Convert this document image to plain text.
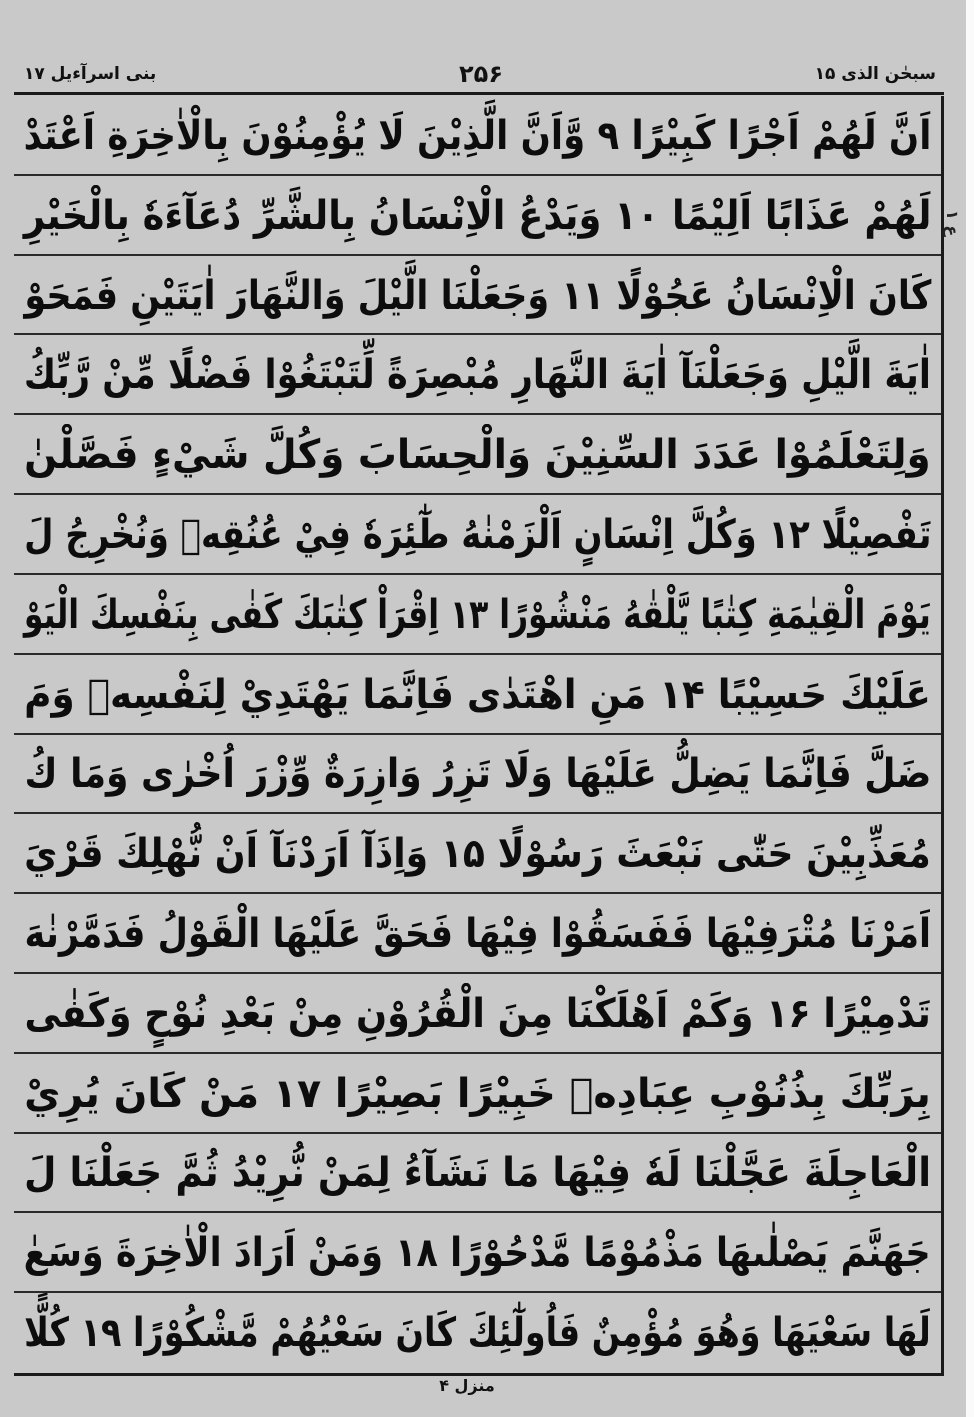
سبحٰن الذی ۱۵
۲۵۶
بنی اسرآءیل ۱۷
اَنَّ لَهُمْ اَجْرًا كَبِيْرًا ۹ وَّاَنَّ الَّذِيْنَ لَا يُؤْمِنُوْنَ بِالْاٰخِرَةِ اَعْتَدْ
لَهُمْ عَذَابًا اَلِيْمًا ۱۰ وَيَدْعُ الْاِنْسَانُ بِالشَّرِّ دُعَآءَهٗ بِالْخَيْرِ
كَانَ الْاِنْسَانُ عَجُوْلًا ۱۱ وَجَعَلْنَا الَّيْلَ وَالنَّهَارَ اٰيَتَيْنِ فَمَحَوْ
اٰيَةَ الَّيْلِ وَجَعَلْنَآ اٰيَةَ النَّهَارِ مُبْصِرَةً لِّتَبْتَغُوْا فَضْلًا مِّنْ رَّبِّكُ
وَلِتَعْلَمُوْا عَدَدَ السِّنِيْنَ وَالْحِسَابَ وَكُلَّ شَيْءٍ فَصَّلْنٰ
تَفْصِيْلًا ۱۲ وَكُلَّ اِنْسَانٍ اَلْزَمْنٰهُ طٰٓئِرَهٗ فِيْ عُنُقِهٖ وَنُخْرِجُ لَ
يَوْمَ الْقِيٰمَةِ كِتٰبًا يَّلْقٰهُ مَنْشُوْرًا ۱۳ اِقْرَاْ كِتٰبَكَ كَفٰى بِنَفْسِكَ الْيَوْ
عَلَيْكَ حَسِيْبًا ۱۴ مَنِ اهْتَدٰى فَاِنَّمَا يَهْتَدِيْ لِنَفْسِهٖ وَمَ
ضَلَّ فَاِنَّمَا يَضِلُّ عَلَيْهَا وَلَا تَزِرُ وَازِرَةٌ وِّزْرَ اُخْرٰى وَمَا كُ
مُعَذِّبِيْنَ حَتّٰى نَبْعَثَ رَسُوْلًا ۱۵ وَاِذَآ اَرَدْنَآ اَنْ نُّهْلِكَ قَرْيَ
اَمَرْنَا مُتْرَفِيْهَا فَفَسَقُوْا فِيْهَا فَحَقَّ عَلَيْهَا الْقَوْلُ فَدَمَّرْنٰهَ
تَدْمِيْرًا ۱۶ وَكَمْ اَهْلَكْنَا مِنَ الْقُرُوْنِ مِنْ بَعْدِ نُوْحٍ وَكَفٰى
بِرَبِّكَ بِذُنُوْبِ عِبَادِهٖ خَبِيْرًا بَصِيْرًا ۱۷ مَنْ كَانَ يُرِيْ
الْعَاجِلَةَ عَجَّلْنَا لَهٗ فِيْهَا مَا نَشَآءُ لِمَنْ نُّرِيْدُ ثُمَّ جَعَلْنَا لَ
جَهَنَّمَ يَصْلٰىهَا مَذْمُوْمًا مَّدْحُوْرًا ۱۸ وَمَنْ اَرَادَ الْاٰخِرَةَ وَسَعٰ
لَهَا سَعْيَهَا وَهُوَ مُؤْمِنٌ فَاُولٰٓئِكَ كَانَ سَعْيُهُمْ مَّشْكُوْرًا ۱۹ كُلًّا
ع ۱
منزل ۴
